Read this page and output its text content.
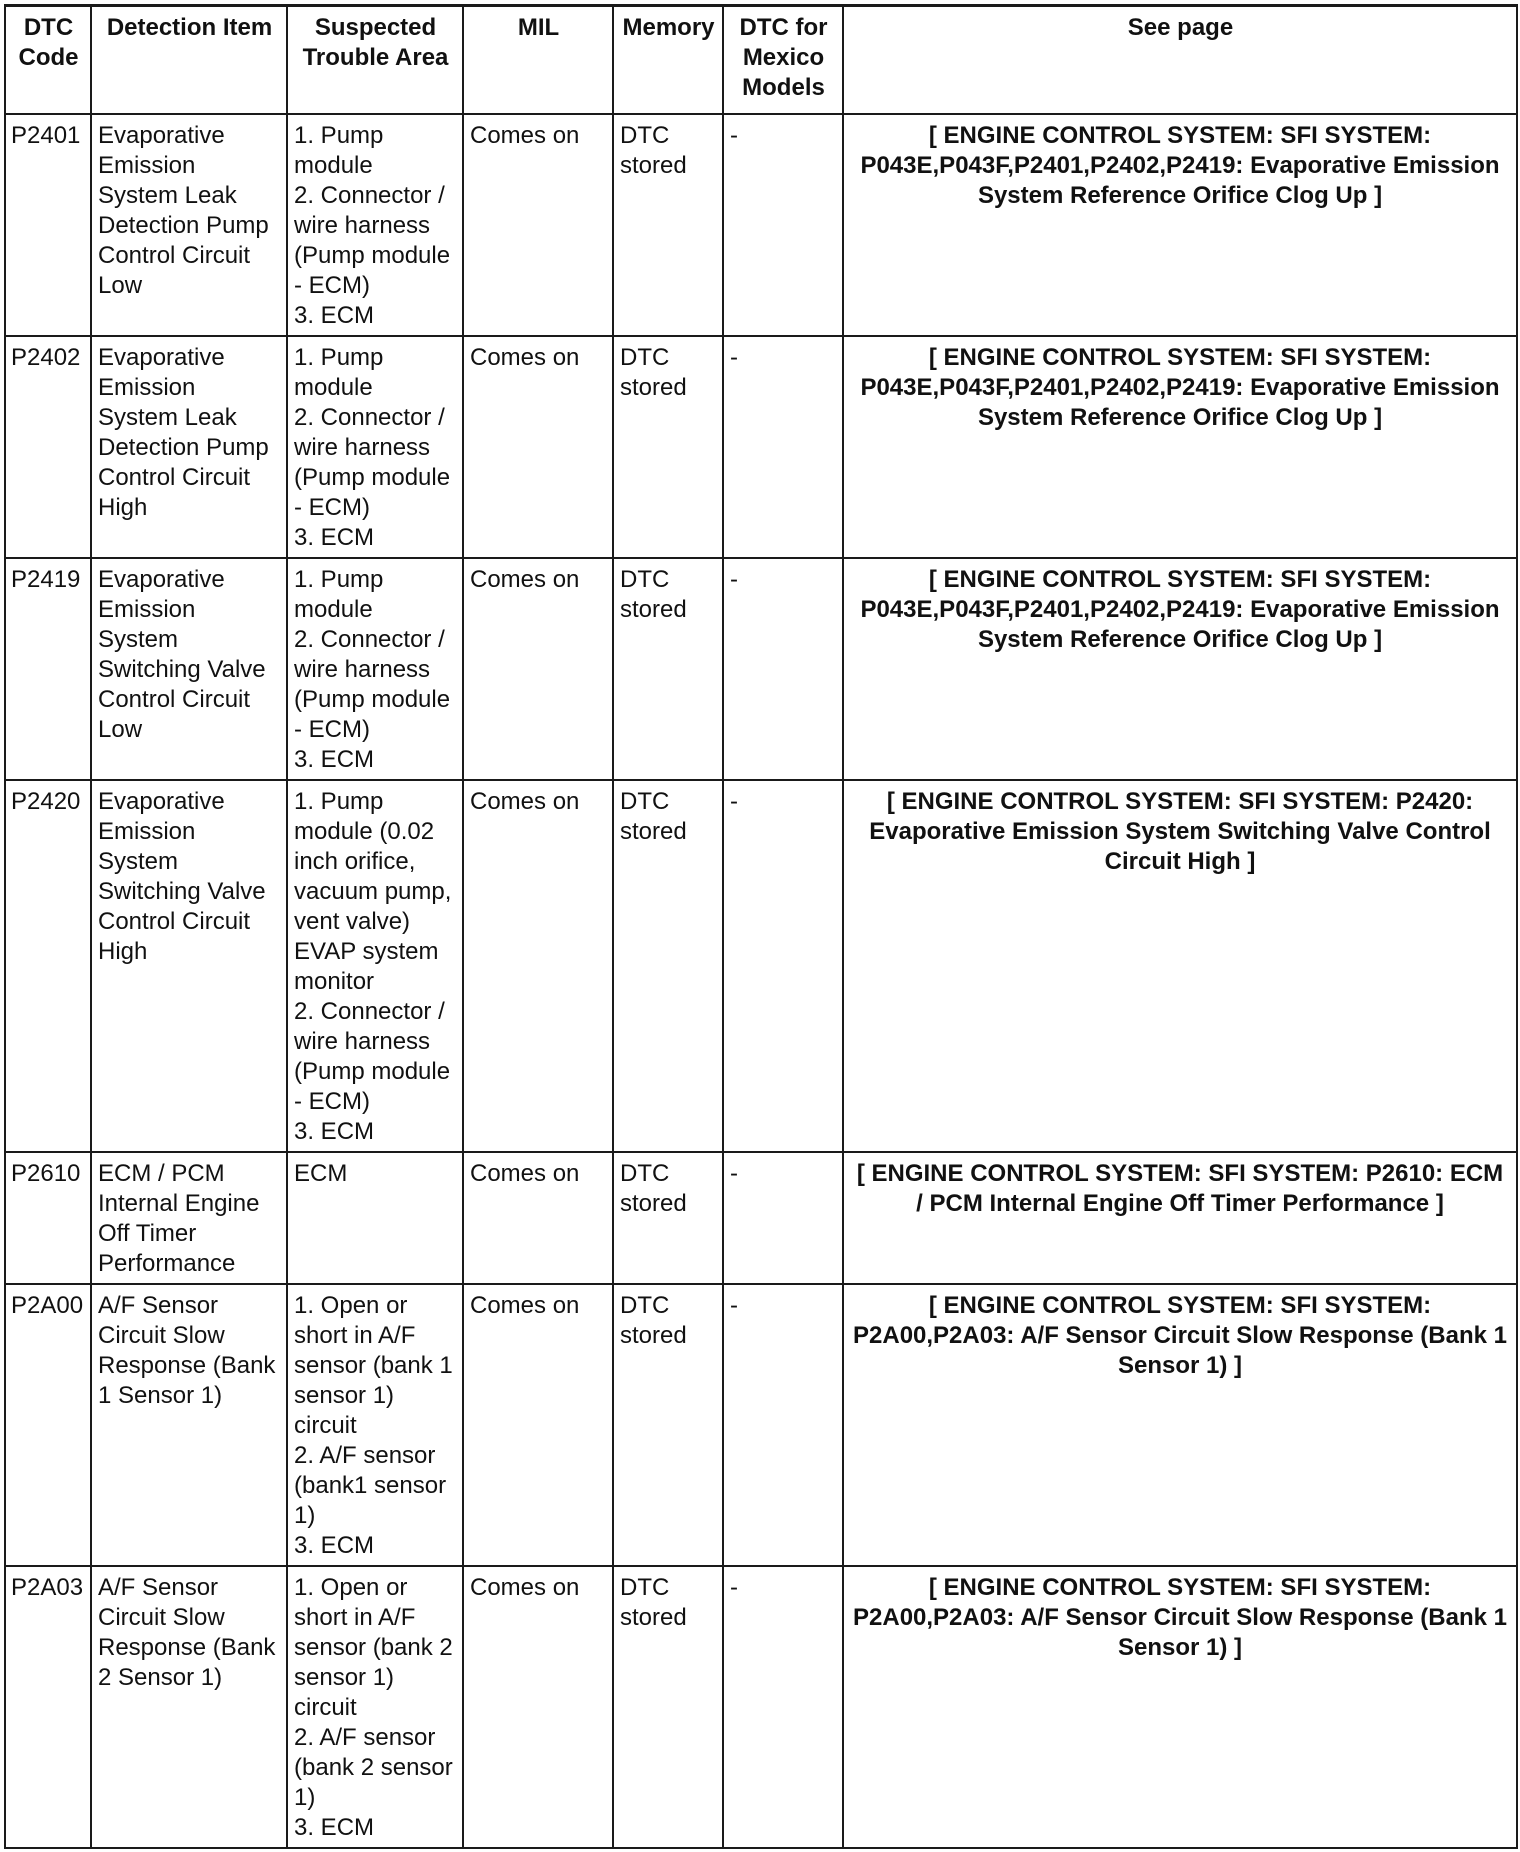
DTC Code	Detection Item	Suspected Trouble Area	MIL	Memory	DTC for Mexico Models	See page
P2401	Evaporative Emission System Leak Detection Pump Control Circuit Low	1. Pump module
2. Connector / wire harness (Pump module - ECM)
3. ECM	Comes on	DTC stored	-	[ ENGINE CONTROL SYSTEM: SFI SYSTEM: P043E,P043F,P2401,P2402,P2419: Evaporative Emission System Reference Orifice Clog Up ]
P2402	Evaporative Emission System Leak Detection Pump Control Circuit High	1. Pump module
2. Connector / wire harness (Pump module - ECM)
3. ECM	Comes on	DTC stored	-	[ ENGINE CONTROL SYSTEM: SFI SYSTEM: P043E,P043F,P2401,P2402,P2419: Evaporative Emission System Reference Orifice Clog Up ]
P2419	Evaporative Emission System Switching Valve Control Circuit Low	1. Pump module
2. Connector / wire harness (Pump module - ECM)
3. ECM	Comes on	DTC stored	-	[ ENGINE CONTROL SYSTEM: SFI SYSTEM: P043E,P043F,P2401,P2402,P2419: Evaporative Emission System Reference Orifice Clog Up ]
P2420	Evaporative Emission System Switching Valve Control Circuit High	1. Pump module (0.02 inch orifice, vacuum pump, vent valve) EVAP system monitor
2. Connector / wire harness (Pump module - ECM)
3. ECM	Comes on	DTC stored	-	[ ENGINE CONTROL SYSTEM: SFI SYSTEM: P2420: Evaporative Emission System Switching Valve Control Circuit High ]
P2610	ECM / PCM Internal Engine Off Timer Performance	ECM	Comes on	DTC stored	-	[ ENGINE CONTROL SYSTEM: SFI SYSTEM: P2610: ECM / PCM Internal Engine Off Timer Performance ]
P2A00	A/F Sensor Circuit Slow Response (Bank 1 Sensor 1)	1. Open or short in A/F sensor (bank 1 sensor 1) circuit
2. A/F sensor (bank1 sensor 1)
3. ECM	Comes on	DTC stored	-	[ ENGINE CONTROL SYSTEM: SFI SYSTEM: P2A00,P2A03: A/F Sensor Circuit Slow Response (Bank 1 Sensor 1) ]
P2A03	A/F Sensor Circuit Slow Response (Bank 2 Sensor 1)	1. Open or short in A/F sensor (bank 2 sensor 1) circuit
2. A/F sensor (bank 2 sensor 1)
3. ECM	Comes on	DTC stored	-	[ ENGINE CONTROL SYSTEM: SFI SYSTEM: P2A00,P2A03: A/F Sensor Circuit Slow Response (Bank 1 Sensor 1) ]
